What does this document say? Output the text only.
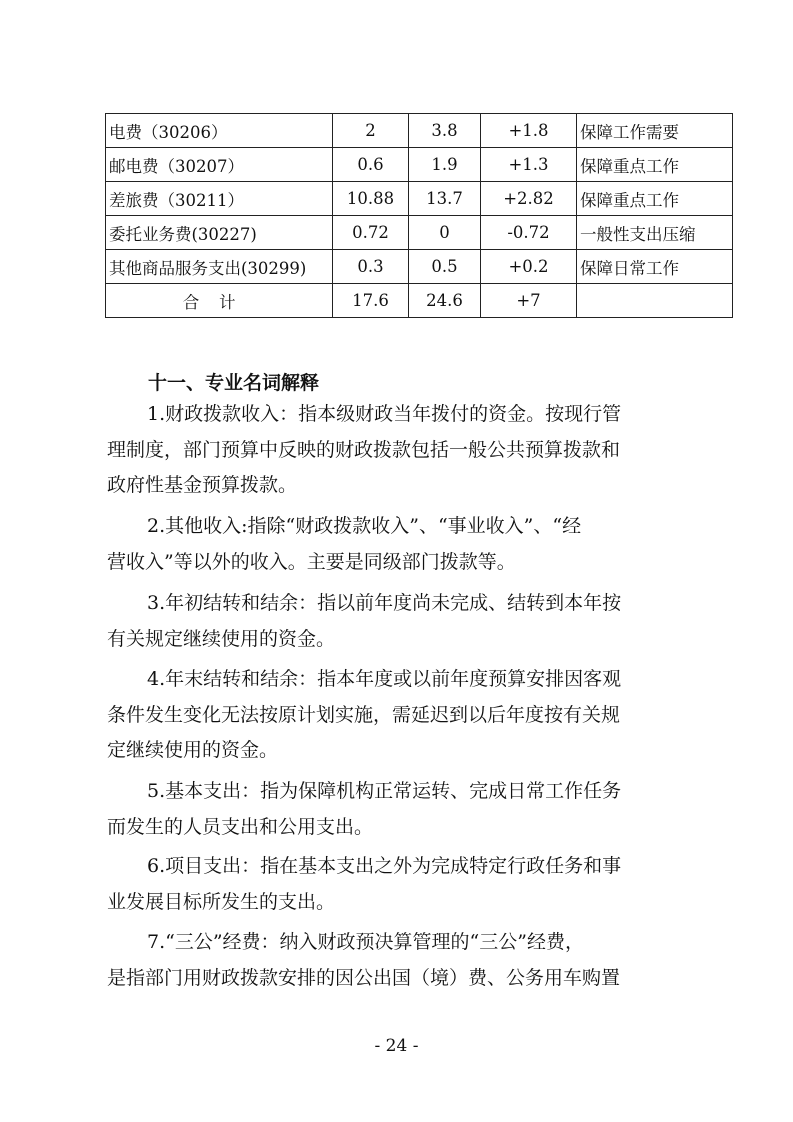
电费（30206）	2	3.8	+1.8	保障工作需要
邮电费（30207）	0.6	1.9	+1.3	保障重点工作
差旅费（30211）	10.88	13.7	+2.82	保障重点工作
委托业务费(30227)	0.72	0	-0.72	一般性支出压缩
其他商品服务支出(30299)	0.3	0.5	+0.2	保障日常工作
合计	17.6	24.6	+7	
十一、专业名词解释

1.财政拨款收入：指本级财政当年拨付的资金。按现行管
理制度，部门预算中反映的财政拨款包括一般公共预算拨款和
政府性基金预算拨款。

2.其他收入:指除“财政拨款收入”、“事业收入”、“经
营收入”等以外的收入。主要是同级部门拨款等。

3.年初结转和结余：指以前年度尚未完成、结转到本年按
有关规定继续使用的资金。

4.年末结转和结余：指本年度或以前年度预算安排因客观
条件发生变化无法按原计划实施，需延迟到以后年度按有关规
定继续使用的资金。

5.基本支出：指为保障机构正常运转、完成日常工作任务
而发生的人员支出和公用支出。

6.项目支出：指在基本支出之外为完成特定行政任务和事
业发展目标所发生的支出。

7.“三公”经费：纳入财政预决算管理的“三公”经费，
是指部门用财政拨款安排的因公出国（境）费、公务用车购置

- 24 -
